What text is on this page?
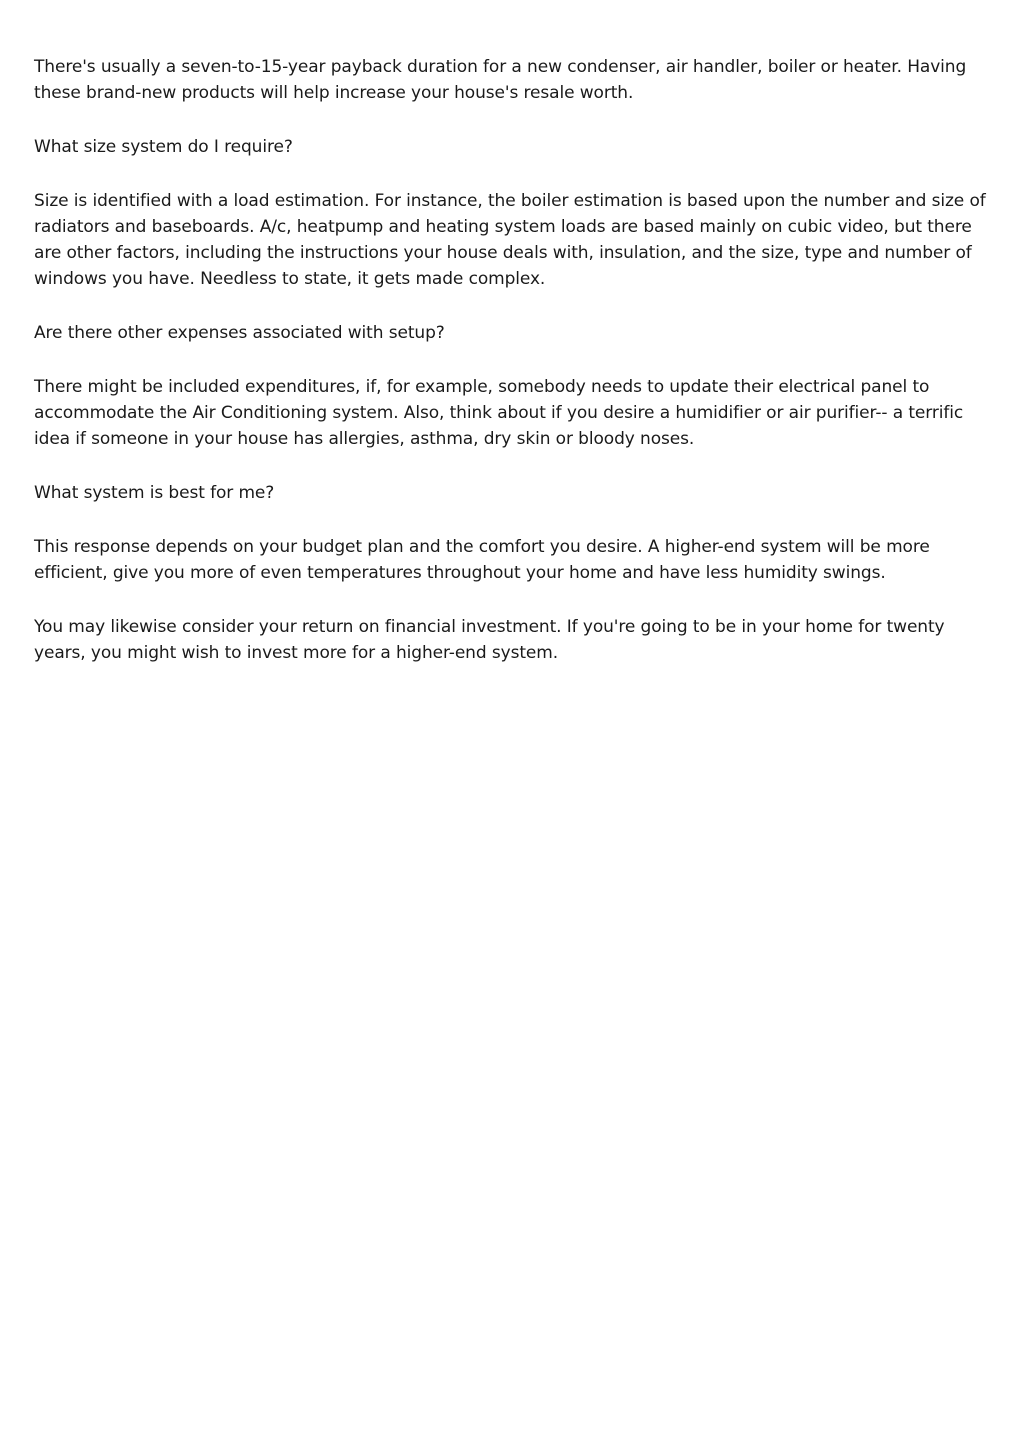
There's usually a seven-to-15-year payback duration for a new condenser, air handler, boiler or heater. Having these brand-new products will help increase your house's resale worth.

What size system do I require?

Size is identified with a load estimation. For instance, the boiler estimation is based upon the number and size of radiators and baseboards. A/c, heatpump and heating system loads are based mainly on cubic video, but there are other factors, including the instructions your house deals with, insulation, and the size, type and number of windows you have. Needless to state, it gets made complex.

Are there other expenses associated with setup?

There might be included expenditures, if, for example, somebody needs to update their electrical panel to accommodate the Air Conditioning system. Also, think about if you desire a humidifier or air purifier-- a terrific idea if someone in your house has allergies, asthma, dry skin or bloody noses.

What system is best for me?

This response depends on your budget plan and the comfort you desire. A higher-end system will be more efficient, give you more of even temperatures throughout your home and have less humidity swings.

You may likewise consider your return on financial investment. If you're going to be in your home for twenty years, you might wish to invest more for a higher-end system.
